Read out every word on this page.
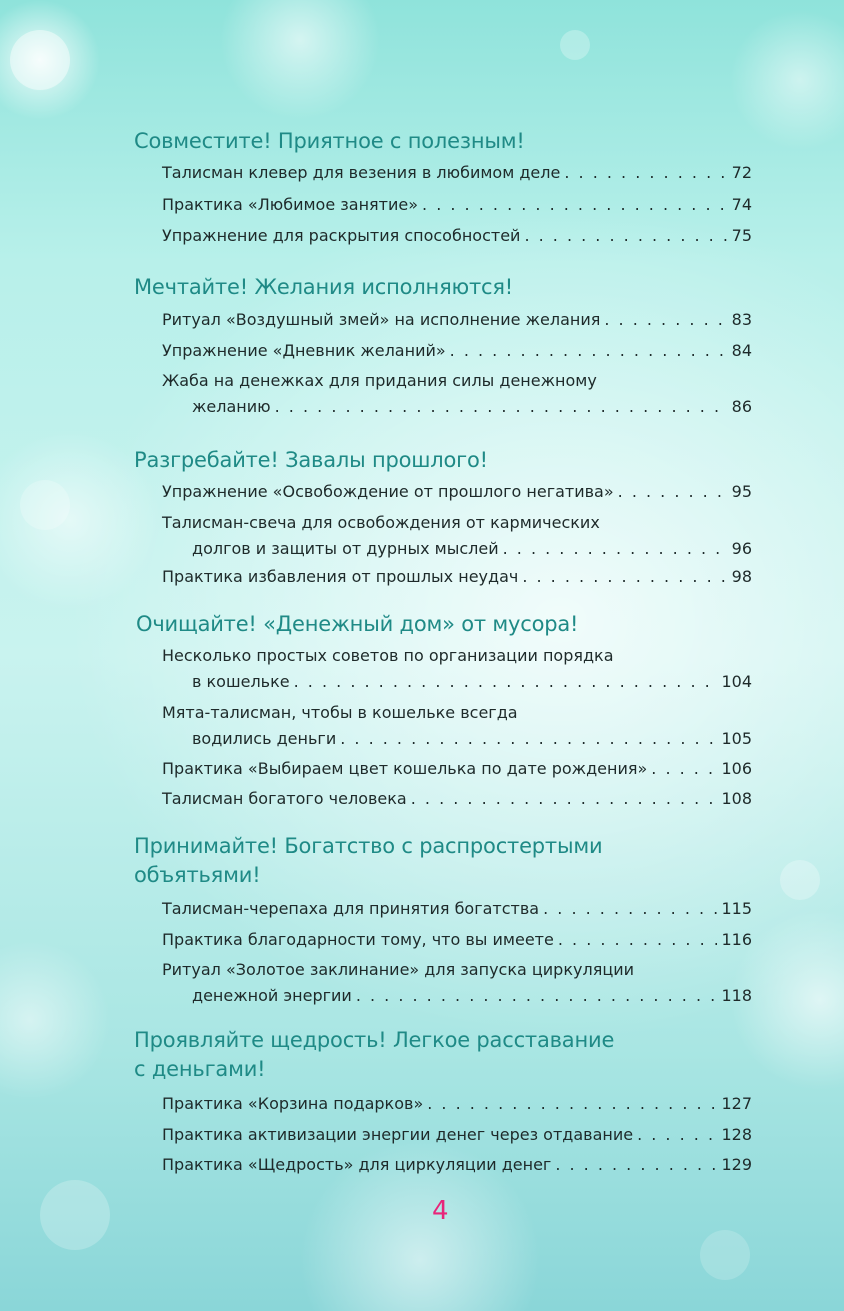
Совместите! Приятное с полезным!
Талисман клевер для везения в любимом деле . . .	72
Практика «Любимое занятие» . . .	74
Упражнение для раскрытия способностей . . .	75
Мечтайте! Желания исполняются!
Ритуал «Воздушный змей» на исполнение желания . . .	83
Упражнение «Дневник желаний» . . .	84
Жаба на денежках для придания силы денежному
желанию . . .	86
Разгребайте! Завалы прошлого!
Упражнение «Освобождение от прошлого негатива» . . .	95
Талисман-свеча для освобождения от кармических
долгов и защиты от дурных мыслей . . .	96
Практика избавления от прошлых неудач . . .	98
Очищайте! «Денежный дом» от мусора!
Несколько простых советов по организации порядка
в кошельке . . .	104
Мята-талисман, чтобы в кошельке всегда
водились деньги . . .	105
Практика «Выбираем цвет кошелька по дате рождения» . . .	106
Талисман богатого человека . . .	108
Принимайте! Богатство с распростертыми
объятьями!
Талисман-черепаха для принятия богатства . . .	115
Практика благодарности тому, что вы имеете . . .	116
Ритуал «Золотое заклинание» для запуска циркуляции
денежной энергии . . .	118
Проявляйте щедрость! Легкое расставание
с деньгами!
Практика «Корзина подарков» . . .	127
Практика активизации энергии денег через отдавание . . .	128
Практика «Щедрость» для циркуляции денег . . .	129
4
